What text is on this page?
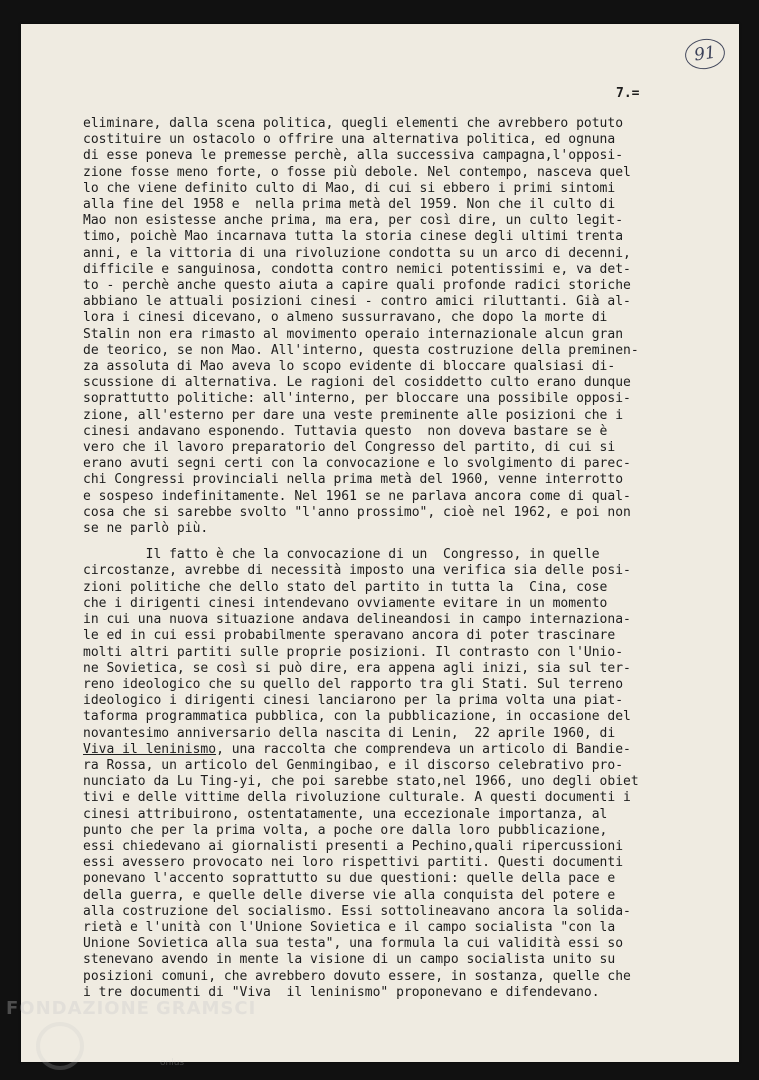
91
7.=
eliminare, dalla scena politica, quegli elementi che avrebbero potuto
costituire un ostacolo o offrire una alternativa politica, ed ognuna
di esse poneva le premesse perchè, alla successiva campagna,l'opposi-
zione fosse meno forte, o fosse più debole. Nel contempo, nasceva quel
lo che viene definito culto di Mao, di cui si ebbero i primi sintomi
alla fine del 1958 e  nella prima metà del 1959. Non che il culto di
Mao non esistesse anche prima, ma era, per così dire, un culto legit-
timo, poichè Mao incarnava tutta la storia cinese degli ultimi trenta
anni, e la vittoria di una rivoluzione condotta su un arco di decenni,
difficile e sanguinosa, condotta contro nemici potentissimi e, va det-
to - perchè anche questo aiuta a capire quali profonde radici storiche
abbiano le attuali posizioni cinesi - contro amici riluttanti. Già al-
lora i cinesi dicevano, o almeno sussurravano, che dopo la morte di
Stalin non era rimasto al movimento operaio internazionale alcun gran
de teorico, se non Mao. All'interno, questa costruzione della preminen-
za assoluta di Mao aveva lo scopo evidente di bloccare qualsiasi di-
scussione di alternativa. Le ragioni del cosiddetto culto erano dunque
soprattutto politiche: all'interno, per bloccare una possibile opposi-
zione, all'esterno per dare una veste preminente alle posizioni che i
cinesi andavano esponendo. Tuttavia questo  non doveva bastare se è
vero che il lavoro preparatorio del Congresso del partito, di cui si
erano avuti segni certi con la convocazione e lo svolgimento di parec-
chi Congressi provinciali nella prima metà del 1960, venne interrotto
e sospeso indefinitamente. Nel 1961 se ne parlava ancora come di qual-
cosa che si sarebbe svolto "l'anno prossimo", cioè nel 1962, e poi non
se ne parlò più.
Il fatto è che la convocazione di un  Congresso, in quelle
circostanze, avrebbe di necessità imposto una verifica sia delle posi-
zioni politiche che dello stato del partito in tutta la  Cina, cose
che i dirigenti cinesi intendevano ovviamente evitare in un momento
in cui una nuova situazione andava delineandosi in campo internaziona-
le ed in cui essi probabilmente speravano ancora di poter trascinare
molti altri partiti sulle proprie posizioni. Il contrasto con l'Unio-
ne Sovietica, se così si può dire, era appena agli inizi, sia sul ter-
reno ideologico che su quello del rapporto tra gli Stati. Sul terreno
ideologico i dirigenti cinesi lanciarono per la prima volta una piat-
taforma programmatica pubblica, con la pubblicazione, in occasione del
novantesimo anniversario della nascita di Lenin,  22 aprile 1960, di
Viva il leninismo, una raccolta che comprendeva un articolo di Bandie-
ra Rossa, un articolo del Genmingibao, e il discorso celebrativo pro-
nunciato da Lu Ting-yi, che poi sarebbe stato,nel 1966, uno degli obiet
tivi e delle vittime della rivoluzione culturale. A questi documenti i
cinesi attribuirono, ostentatamente, una eccezionale importanza, al
punto che per la prima volta, a poche ore dalla loro pubblicazione,
essi chiedevano ai giornalisti presenti a Pechino,quali ripercussioni
essi avessero provocato nei loro rispettivi partiti. Questi documenti
ponevano l'accento soprattutto su due questioni: quelle della pace e
della guerra, e quelle delle diverse vie alla conquista del potere e
alla costruzione del socialismo. Essi sottolineavano ancora la solida-
rietà e l'unità con l'Unione Sovietica e il campo socialista "con la
Unione Sovietica alla sua testa", una formula la cui validità essi so
stenevano avendo in mente la visione di un campo socialista unito su
posizioni comuni, che avrebbero dovuto essere, in sostanza, quelle che
i tre documenti di "Viva  il leninismo" proponevano e difendevano.
FONDAZIONE GRAMSCI
onlus
